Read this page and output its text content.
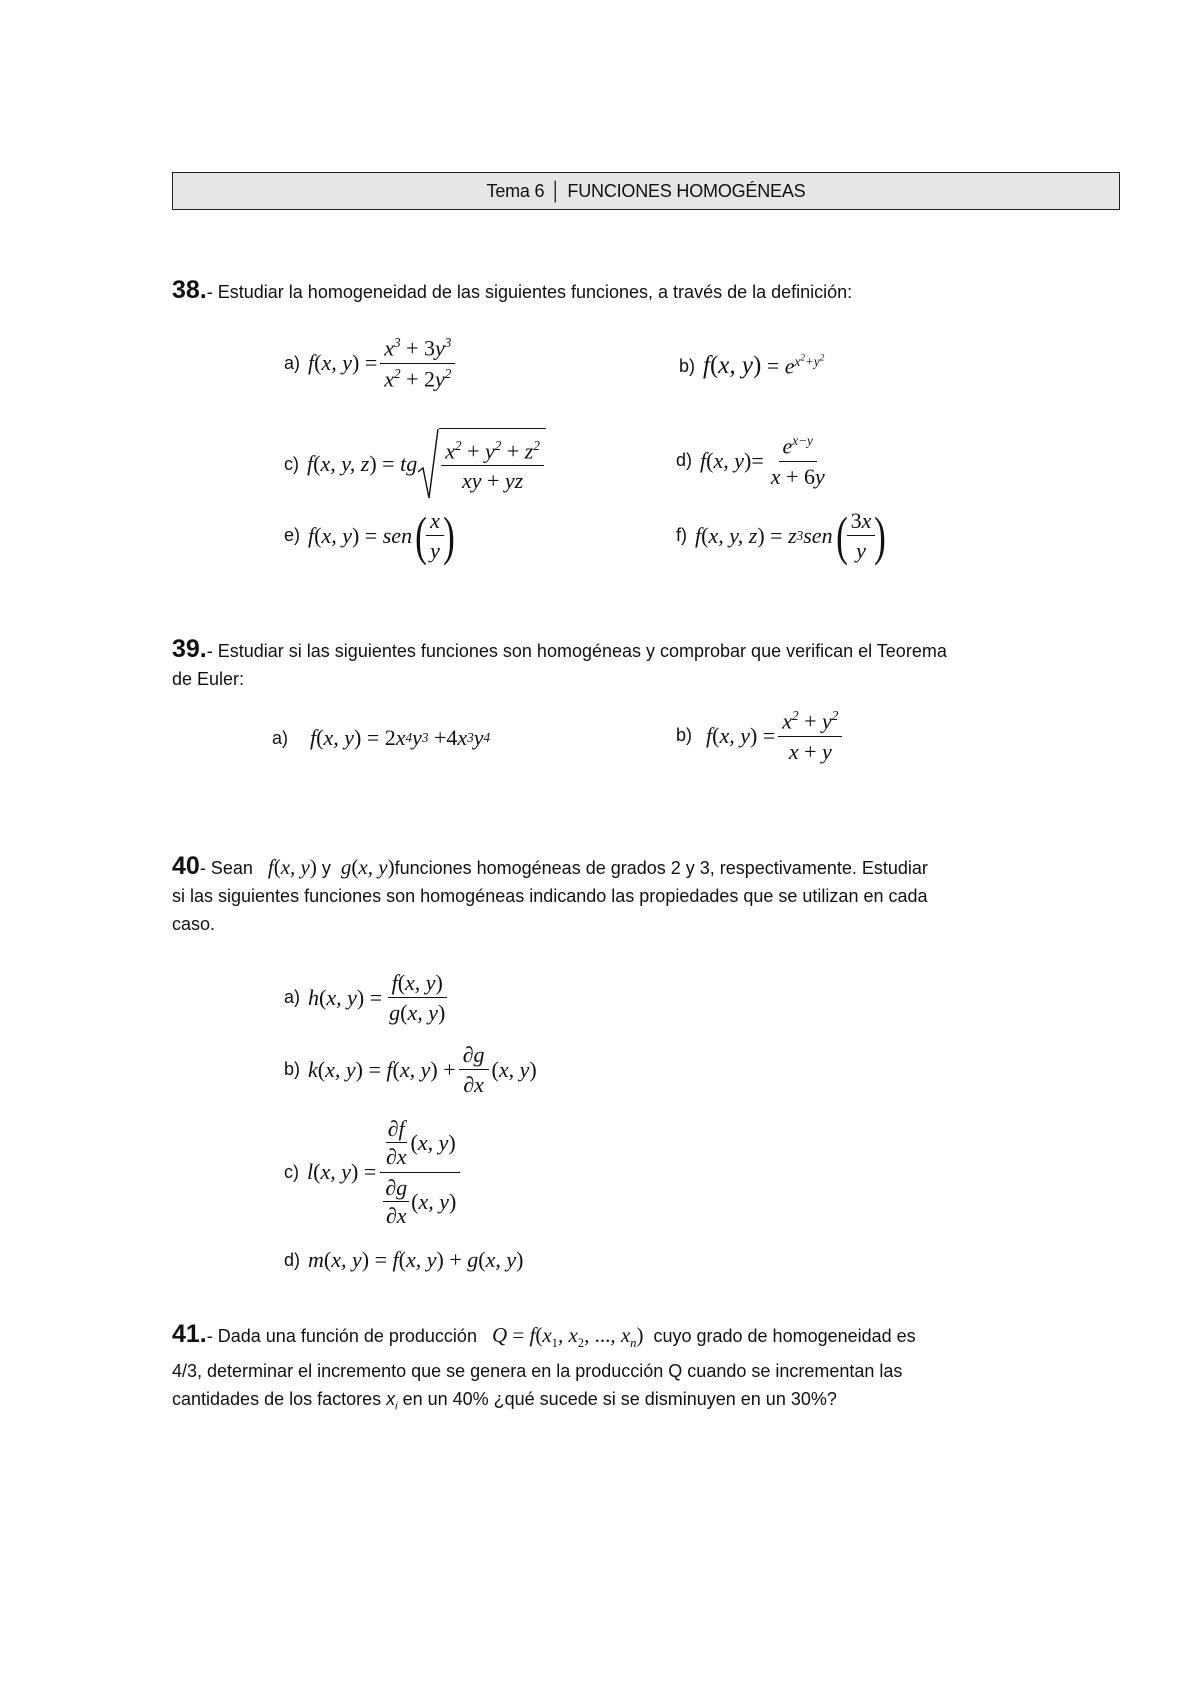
Tema 6 │ FUNCIONES HOMOGÉNEAS
38.- Estudiar la homogeneidad de las siguientes funciones, a través de la definición:
a) f ( x, y )
= $\frac{x^3 + 3y^3}{x^2 + 2y^2}$	b) f ( x, y )
=
$e^{x^2+y^2}$
c) f ( x, y, z )
= tg $\frac{x^2 + y^2 + z^2}{xy + yz}$	d) f ( x, y ) = $\frac{e^{x-y}}{x + 6y}$
e) f ( x, y )
= sen ( $\frac{x}{y}$ )	f) f ( x, y, z )
= z 3 sen ( $\frac{3x}{y}$ )
39.- Estudiar si las siguientes funciones son homogéneas y comprobar que verifican el Teorema
de Euler:
a) f ( x, y )
=
2 x 4 y 3
+ 4 x 3 y 4	b) f ( x, y )
= $\frac{x^2 + y^2}{x + y}$
40- Sean f(x, y) y g(x, y)funciones homogéneas de grados 2 y 3, respectivamente. Estudiar
si las siguientes funciones son homogéneas indicando las propiedades que se utilizan en cada
caso.
a) h ( x, y )
= $\frac{f(x, y)}{g(x, y)}$
b) k ( x, y )
= f ( x, y )
+ $\frac{\partial g}{\partial x}$ ( x, y )
c) l ( x, y )
= $\frac{\frac{\partial f}{\partial x} ( x, y )}{\frac{\partial g}{\partial x} ( x, y )}$
d) m ( x, y )
= f ( x, y )
+ g ( x, y )
41.- Dada una función de producción $Q = f(x_1$, $x_2$, ..., $x_n$) cuyo grado de homogeneidad es
4/3, determinar el incremento que se genera en la producción Q cuando se incrementan las
cantidades de los factores $x_i$ en un 40% ¿qué sucede si se disminuyen en un 30%?
